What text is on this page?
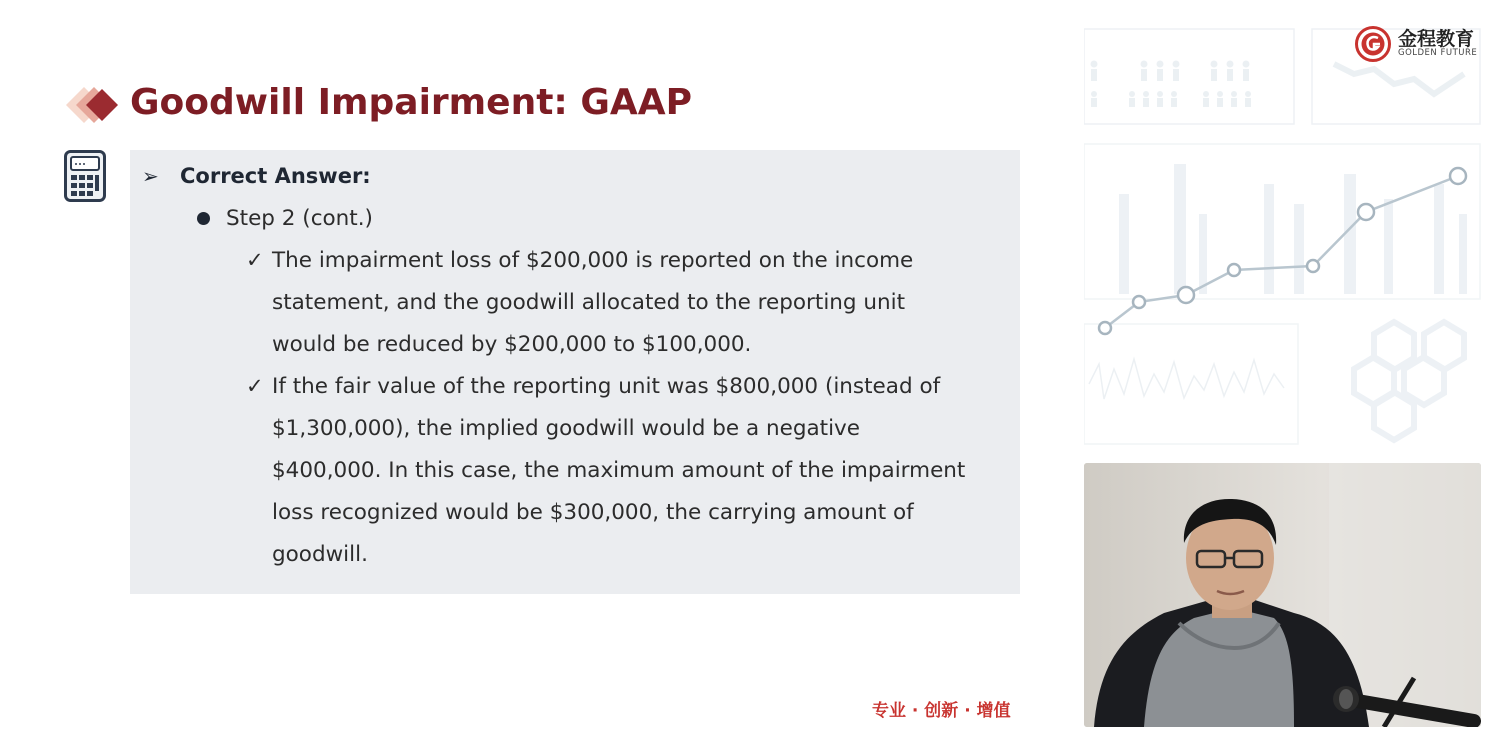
Goodwill Impairment: GAAP
➢ Correct Answer:
Step 2 (cont.)
✓ The impairment loss of $200,000 is reported on the income
statement, and the goodwill allocated to the reporting unit
would be reduced by $200,000 to $100,000.
✓ If the fair value of the reporting unit was $800,000 (instead of
$1,300,000), the implied goodwill would be a negative
$400,000. In this case, the maximum amount of the impairment
loss recognized would be $300,000, the carrying amount of
goodwill.
金程教育
GOLDEN FUTURE
专业 · 创新 · 增值
